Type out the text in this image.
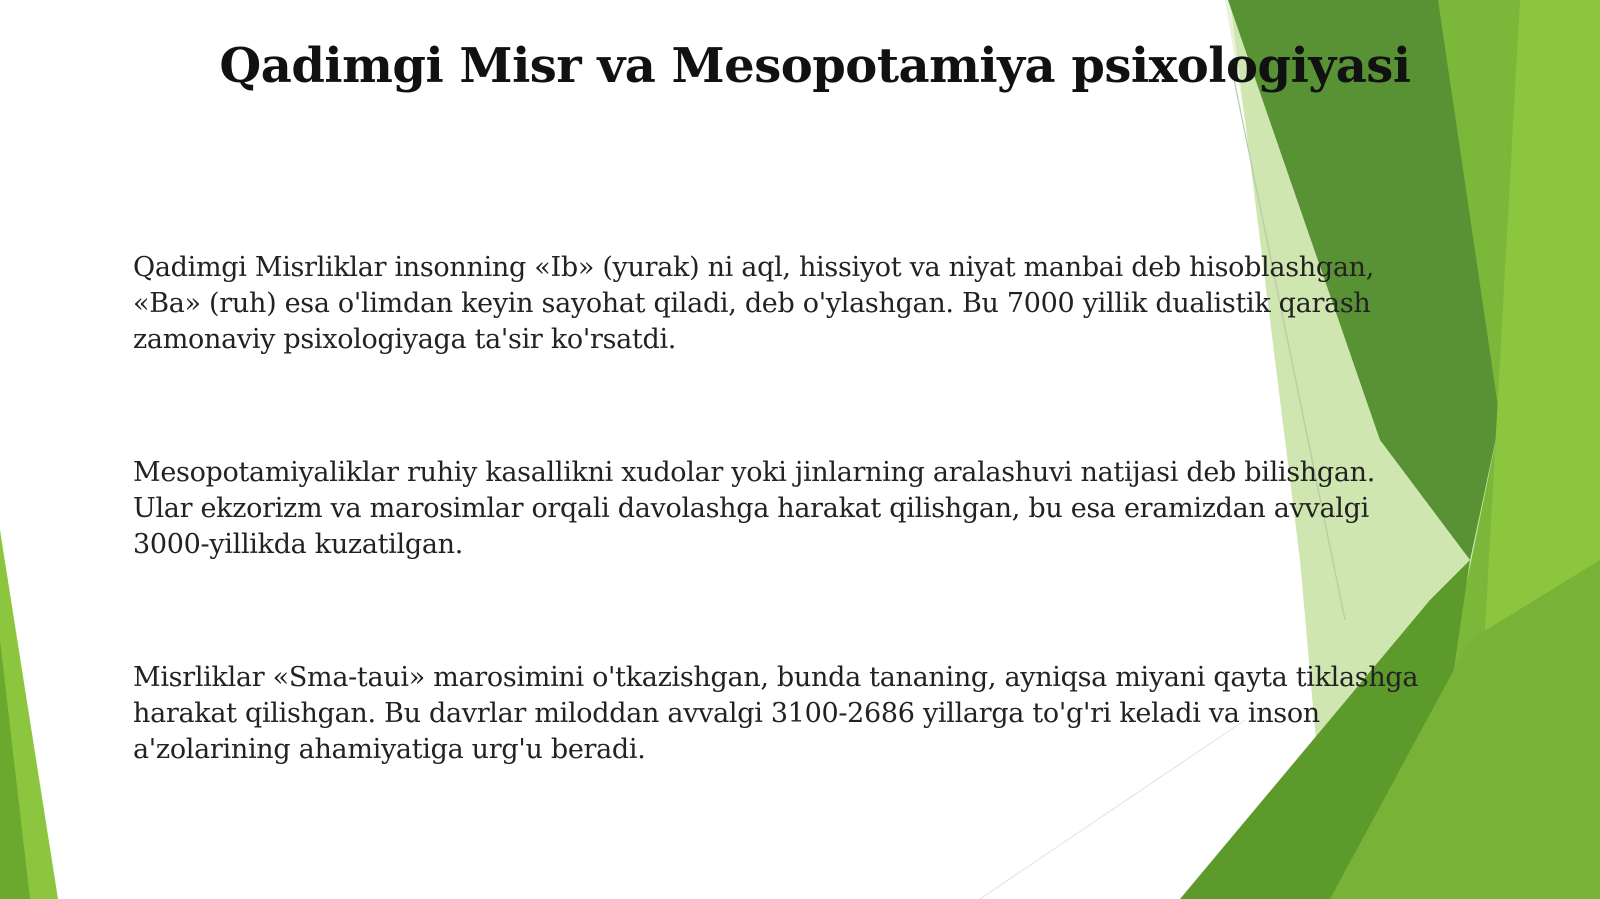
Qadimgi Misr va Mesopotamiya psixologiyasi

Qadimgi Misrliklar insonning «Ib» (yurak) ni aql, hissiyot va niyat manbai deb hisoblashgan,
«Ba» (ruh) esa o'limdan keyin sayohat qiladi, deb o'ylashgan. Bu 7000 yillik dualistik qarash
zamonaviy psixologiyaga ta'sir ko'rsatdi.

Mesopotamiyaliklar ruhiy kasallikni xudolar yoki jinlarning aralashuvi natijasi deb bilishgan.
Ular ekzorizm va marosimlar orqali davolashga harakat qilishgan, bu esa eramizdan avvalgi
3000-yillikda kuzatilgan.

Misrliklar «Sma-taui» marosimini o'tkazishgan, bunda tananing, ayniqsa miyani qayta tiklashga
harakat qilishgan. Bu davrlar miloddan avvalgi 3100-2686 yillarga to'g'ri keladi va inson
a'zolarining ahamiyatiga urg'u beradi.
